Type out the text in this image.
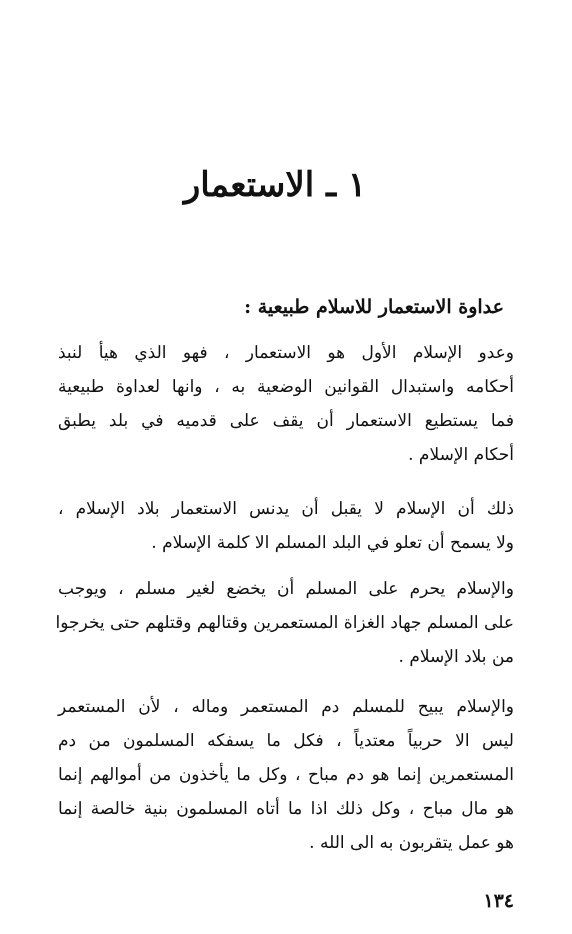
١ ـ الاستعمار
عداوة الاستعمار للاسلام طبيعية :
وعدو الإسلام الأول هو الاستعمار ، فهو الذي هيأ لنبذ
أحكامه واستبدال القوانين الوضعية به ، وانها لعداوة طبيعية
فما يستطيع الاستعمار أن يقف على قدميه في بلد يطبق
أحكام الإسلام .
ذلك أن الإسلام لا يقبل أن يدنس الاستعمار بلاد الإسلام ،
ولا يسمح أن تعلو في البلد المسلم الا كلمة الإسلام .
والإسلام يحرم على المسلم أن يخضع لغير مسلم ، ويوجب
على المسلم جهاد الغزاة المستعمرين وقتالهم وقتلهم حتى يخرجوا
من بلاد الإسلام .
والإسلام يبيح للمسلم دم المستعمر وماله ، لأن المستعمر
ليس الا حربياً معتدياً ، فكل ما يسفكه المسلمون من دم
المستعمرين إنما هو دم مباح ، وكل ما يأخذون من أموالهم إنما
هو مال مباح ، وكل ذلك اذا ما أتاه المسلمون بنية خالصة إنما
هو عمل يتقربون به الى الله .
١٣٤
